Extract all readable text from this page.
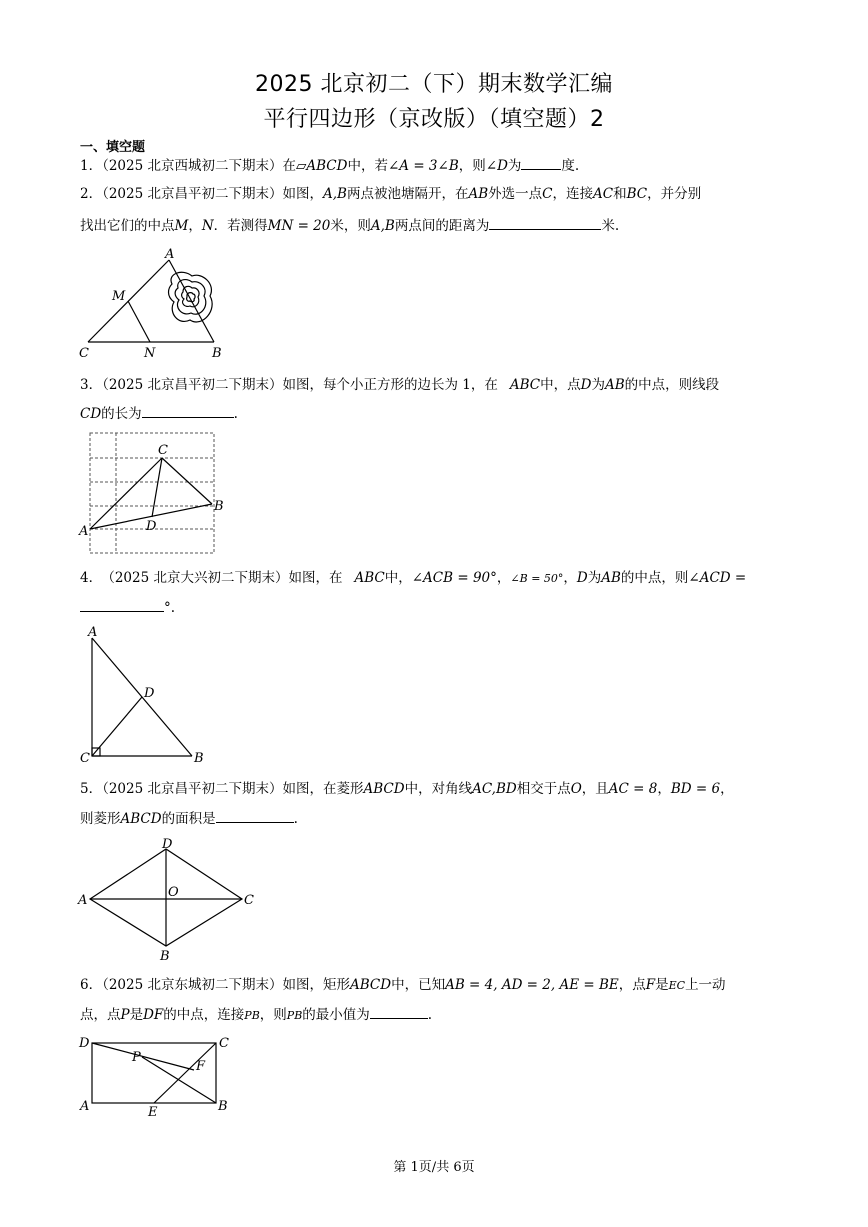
2025 北京初二（下）期末数学汇编
平行四边形（京改版）（填空题）2
一、填空题
1．（2025 北京西城初二下期末）在▱ABCD中，若∠A = 3∠B，则∠D为	度.
2．（2025 北京昌平初二下期末）如图，A,B两点被池塘隔开，在AB外选一点C，连接AC和BC，并分别
找出它们的中点M，N．若测得MN = 20米，则A,B两点间的距离为	米.
A
M
C	N	B
3．（2025 北京昌平初二下期末）如图，每个小正方形的边长为 1，在 ABC中，点D为AB的中点，则线段
CD的长为	.
C
B
A	D
4． （2025 北京大兴初二下期末）如图，在 ABC中，∠ACB = 90°，∠B = 50°，D为AB的中点，则∠ACD =
°.
A
D
C	B
5．（2025 北京昌平初二下期末）如图，在菱形ABCD中，对角线AC,BD相交于点O，且AC = 8，BD = 6，
则菱形ABCD的面积是	.
D
A
O
C
B
6．（2025 北京东城初二下期末）如图，矩形ABCD中，已知AB = 4, AD = 2, AE = BE，点F是EC上一动
点，点P是DF的中点，连接PB，则PB的最小值为	.
D	C
P
F
A	E	B
第 1页/共 6页
